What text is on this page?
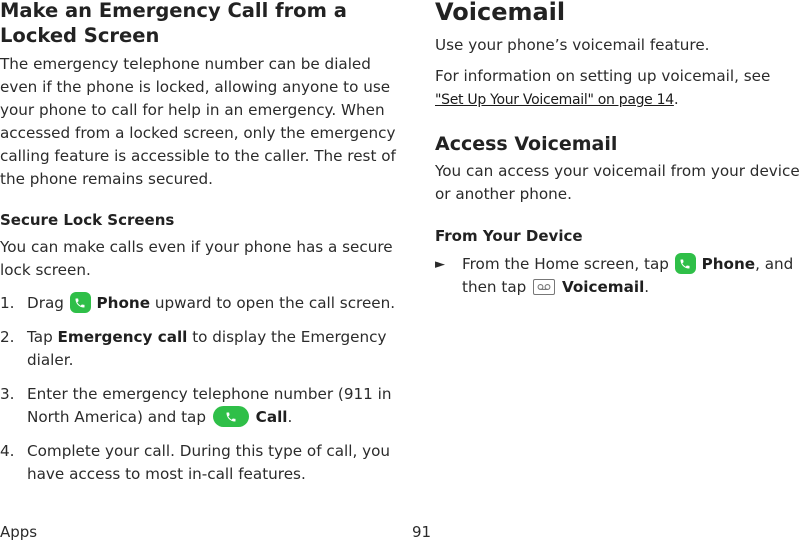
Make an Emergency Call from a
Locked Screen

The emergency telephone number can be dialed even if the phone is locked, allowing anyone to use your phone to call for help in an emergency. When accessed from a locked screen, only the emergency calling feature is accessible to the caller. The rest of the phone remains secured.

Secure Lock Screens

You can make calls even if your phone has a secure lock screen.

1. Drag Phone upward to open the call screen.
2. Tap Emergency call to display the Emergency dialer.
3. Enter the emergency telephone number (911 in North America) and tap	Call.
4. Complete your call. During this type of call, you have access to most in-call features.
Voicemail

Use your phone’s voicemail feature.

For information on setting up voicemail, see
"Set Up Your Voicemail" on page 14.

Access Voicemail

You can access your voicemail from your device or another phone.

From Your Device
► From the Home screen, tap Phone, and then tap Voicemail.
Apps	91
